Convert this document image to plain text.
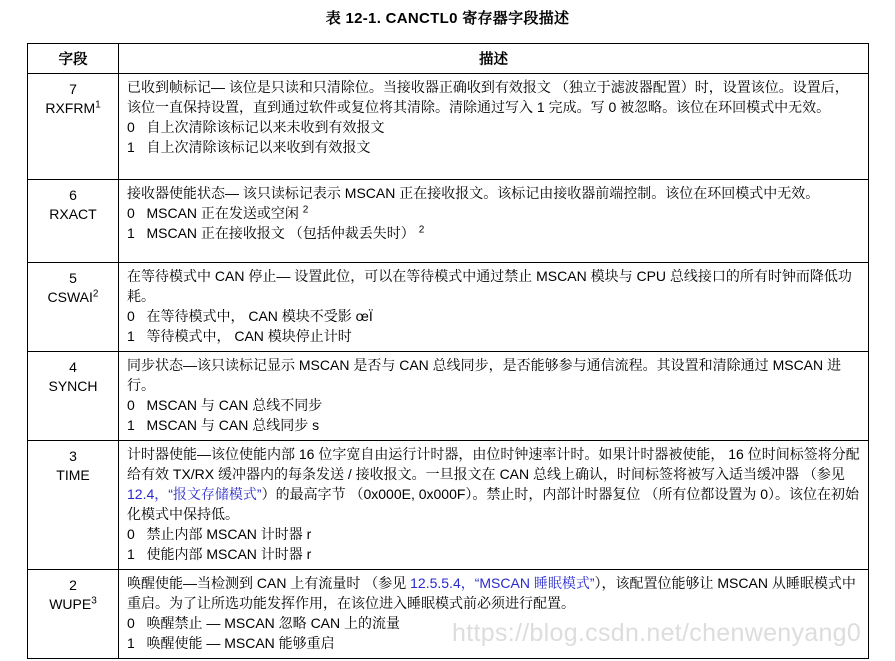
表 12-1. CANCTL0 寄存器字段描述
字段	描述
7
RXFRM$^1$	已收到帧标记— 该位是只读和只清除位。当接收器正确收到有效报文 （独立于滤波器配置）时，设置该位。设置后，该位一直保持设置，直到通过软件或复位将其清除。清除通过写入 1 完成。写 0 被忽略。该位在环回模式中无效。
0   自上次清除该标记以来未收到有效报文
1   自上次清除该标记以来收到有效报文
6
RXACT	接收器使能状态— 该只读标记表示 MSCAN 正在接收报文。该标记由接收器前端控制。该位在环回模式中无效。
0   MSCAN 正在发送或空闲 $^2$
1   MSCAN 正在接收报文 （包括仲裁丢失时） $^2$
5
CSWAI$^2$	在等待模式中 CAN 停止— 设置此位，可以在等待模式中通过禁止 MSCAN 模块与 CPU 总线接口的所有时钟而降低功耗。
0   在等待模式中， CAN 模块不受影 œÏ
1   等待模式中， CAN 模块停止计时
4
SYNCH	同步状态—该只读标记显示 MSCAN 是否与 CAN 总线同步，是否能够参与通信流程。其设置和清除通过 MSCAN 进行。
0   MSCAN 与 CAN 总线不同步
1   MSCAN 与 CAN 总线同步 s
3
TIME	计时器使能—该位使能内部 16 位字宽自由运行计时器，由位时钟速率计时。如果计时器被使能， 16 位时间标签将分配给有效 TX/RX 缓冲器内的每条发送 / 接收报文。一旦报文在 CAN 总线上确认，时间标签将被写入适当缓冲器 （参见 12.4，“报文存储模式”）的最高字节 （0x000E, 0x000F）。禁止时，内部计时器复位 （所有位都设置为 0）。该位在初始化模式中保持低。
0   禁止内部 MSCAN 计时器 r
1   使能内部 MSCAN 计时器 r
2
WUPE$^3$	唤醒使能—当检测到 CAN 上有流量时 （参见 12.5.5.4，“MSCAN 睡眠模式”），该配置位能够让 MSCAN 从睡眠模式中重启。为了让所选功能发挥作用，在该位进入睡眠模式前必须进行配置。
0   唤醒禁止 — MSCAN 忽略 CAN 上的流量
1   唤醒使能 — MSCAN 能够重启	https://blog.csdn.net/chenwenyang0
